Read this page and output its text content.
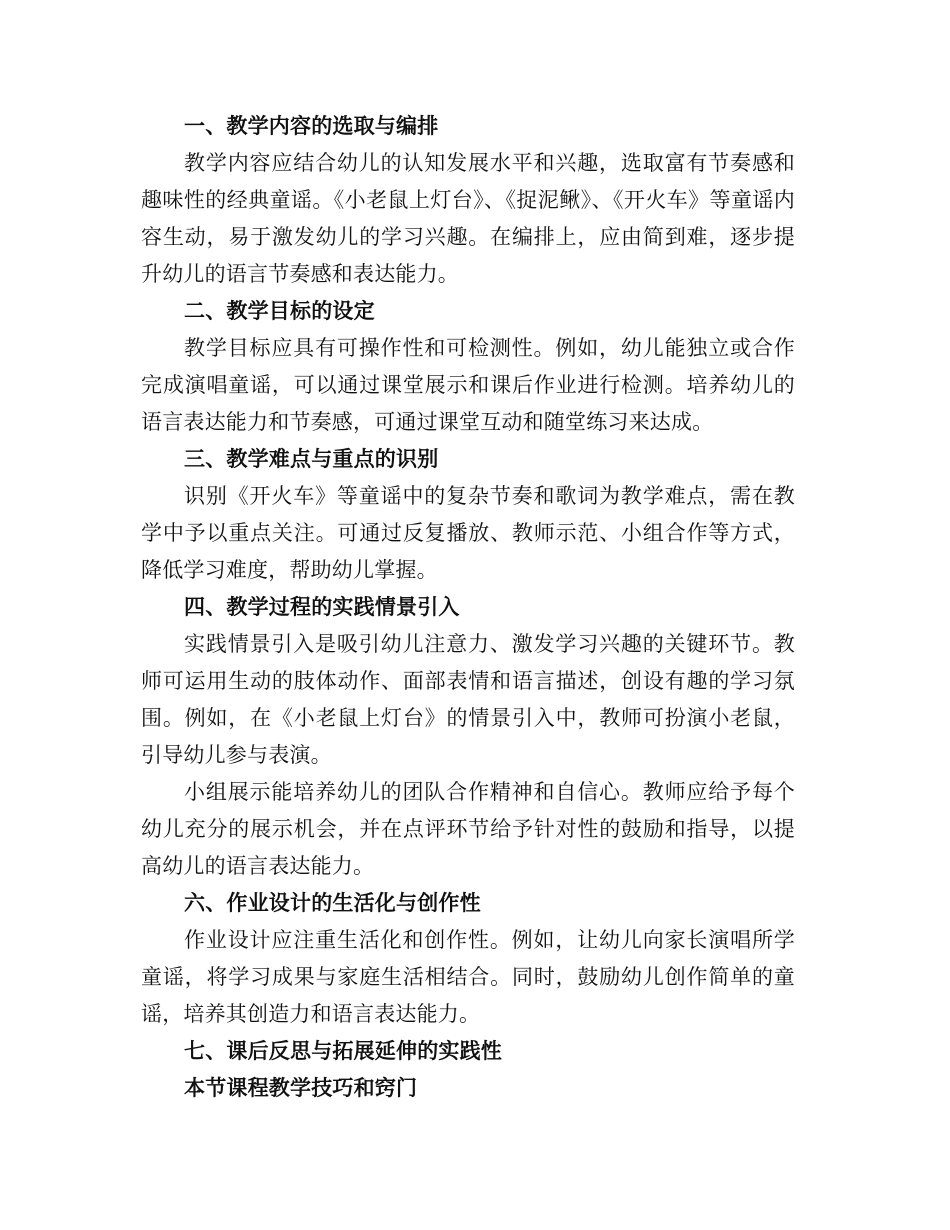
一、教学内容的选取与编排

教学内容应结合幼儿的认知发展水平和兴趣，选取富有节奏感和趣味性的经典童谣。《小老鼠上灯台》、《捉泥鳅》、《开火车》等童谣内容生动，易于激发幼儿的学习兴趣。在编排上，应由简到难，逐步提升幼儿的语言节奏感和表达能力。

二、教学目标的设定

教学目标应具有可操作性和可检测性。例如，幼儿能独立或合作完成演唱童谣，可以通过课堂展示和课后作业进行检测。培养幼儿的语言表达能力和节奏感，可通过课堂互动和随堂练习来达成。

三、教学难点与重点的识别

识别《开火车》等童谣中的复杂节奏和歌词为教学难点，需在教学中予以重点关注。可通过反复播放、教师示范、小组合作等方式，降低学习难度，帮助幼儿掌握。

四、教学过程的实践情景引入

实践情景引入是吸引幼儿注意力、激发学习兴趣的关键环节。教师可运用生动的肢体动作、面部表情和语言描述，创设有趣的学习氛围。例如，在《小老鼠上灯台》的情景引入中，教师可扮演小老鼠，引导幼儿参与表演。

小组展示能培养幼儿的团队合作精神和自信心。教师应给予每个幼儿充分的展示机会，并在点评环节给予针对性的鼓励和指导，以提高幼儿的语言表达能力。

六、作业设计的生活化与创作性

作业设计应注重生活化和创作性。例如，让幼儿向家长演唱所学童谣，将学习成果与家庭生活相结合。同时，鼓励幼儿创作简单的童谣，培养其创造力和语言表达能力。

七、课后反思与拓展延伸的实践性
本节课程教学技巧和窍门
